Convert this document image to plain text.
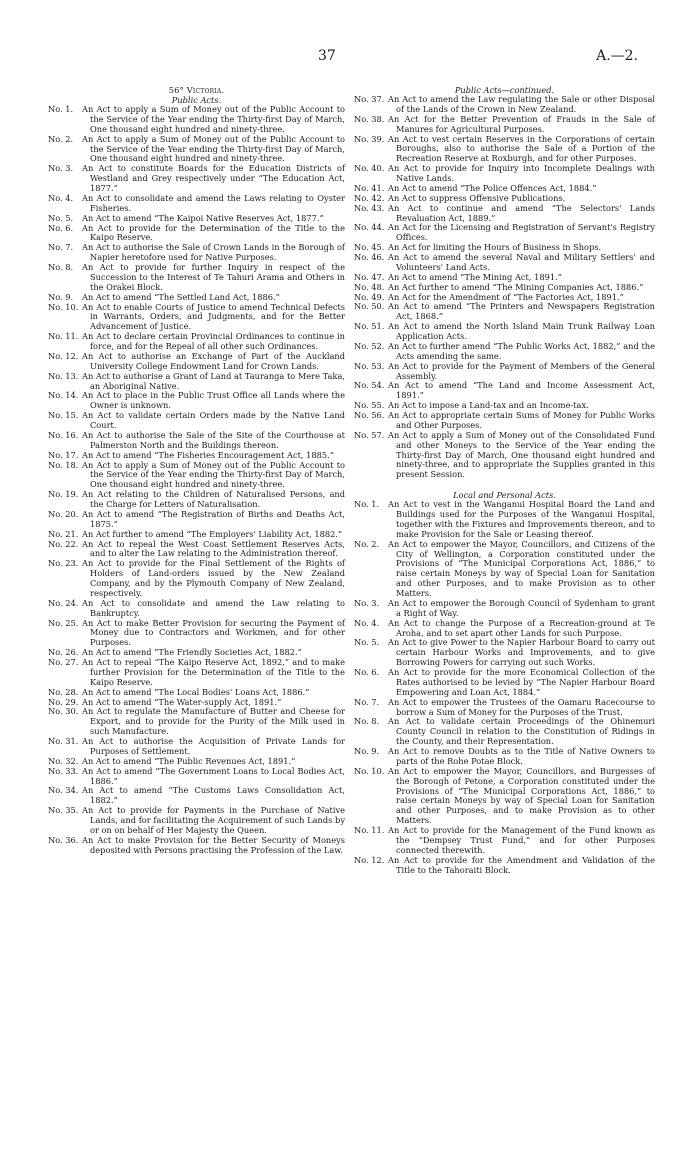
37	A.—2.
56° Victoria.
Public Acts.
No. 1.	An Act to apply a Sum of Money out of the Public Account to the Service of the Year ending the Thirty-first Day of March, One thousand eight hundred and ninety-three.
No. 2.	An Act to apply a Sum of Money out of the Public Account to the Service of the Year ending the Thirty-first Day of March, One thousand eight hundred and ninety-three.
No. 3.	An Act to constitute Boards for the Education Districts of Westland and Grey respectively under “The Education Act, 1877.”
No. 4.	An Act to consolidate and amend the Laws relating to Oyster Fisheries.
No. 5.	An Act to amend “The Kaipoi Native Reserves Act, 1877.”
No. 6.	An Act to provide for the Determination of the Title to the Kaipo Reserve.
No. 7.	An Act to authorise the Sale of Crown Lands in the Borough of Napier heretofore used for Native Purposes.
No. 8.	An Act to provide for further Inquiry in respect of the Succession to the Interest of Te Tahuri Arama and Others in the Orakei Block.
No. 9.	An Act to amend “The Settled Land Act, 1886.”
No. 10. An Act to enable Courts of Justice to amend Technical Defects in Warrants, Orders, and Judgments, and for the Better Advancement of Justice.
No. 11. An Act to declare certain Provincial Ordinances to continue in force, and for the Repeal of all other such Ordinances.
No. 12. An Act to authorise an Exchange of Part of the Auckland University College Endowment Land for Crown Lands.
No. 13. An Act to authorise a Grant of Land at Tauranga to Mere Taka, an Aboriginal Native.
No. 14. An Act to place in the Public Trust Office all Lands where the Owner is unknown.
No. 15. An Act to validate certain Orders made by the Native Land Court.
No. 16. An Act to authorise the Sale of the Site of the Courthouse at Palmerston North and the Buildings thereon.
No. 17. An Act to amend “The Fisheries Encouragement Act, 1885.”
No. 18. An Act to apply a Sum of Money out of the Public Account to the Service of the Year ending the Thirty-first Day of March, One thousand eight hundred and ninety-three.
No. 19. An Act relating to the Children of Naturalised Persons, and the Charge for Letters of Naturalisation.
No. 20. An Act to amend “The Registration of Births and Deaths Act, 1875.”
No. 21. An Act further to amend “The Employers' Liability Act, 1882.”
No. 22. An Act to repeal the West Coast Settlement Reserves Acts, and to alter the Law relating to the Administration thereof.
No. 23. An Act to provide for the Final Settlement of the Rights of Holders of Land-orders issued by the New Zealand Company, and by the Plymouth Company of New Zealand, respectively.
No. 24. An Act to consolidate and amend the Law relating to Bankruptcy.
No. 25. An Act to make Better Provision for securing the Payment of Money due to Contractors and Workmen, and for other Purposes.
No. 26. An Act to amend “The Friendly Societies Act, 1882.”
No. 27. An Act to repeal “The Kaipo Reserve Act, 1892,” and to make further Provision for the Determination of the Title to the Kaipo Reserve.
No. 28. An Act to amend “The Local Bodies' Loans Act, 1886.”
No. 29. An Act to amend “The Water-supply Act, 1891.”
No. 30. An Act to regulate the Manufacture of Butter and Cheese for Export, and to provide for the Purity of the Milk used in such Manufacture.
No. 31. An Act to authorise the Acquisition of Private Lands for Purposes of Settlement.
No. 32. An Act to amend “The Public Revenues Act, 1891.”
No. 33. An Act to amend “The Government Loans to Local Bodies Act, 1886.”
No. 34. An Act to amend “The Customs Laws Consolidation Act, 1882.”
No. 35. An Act to provide for Payments in the Purchase of Native Lands, and for facilitating the Acquirement of such Lands by or on on behalf of Her Majesty the Queen.
No. 36. An Act to make Provision for the Better Security of Moneys deposited with Persons practising the Profession of the Law.
Public Acts—continued.
No. 37. An Act to amend the Law regulating the Sale or other Disposal of the Lands of the Crown in New Zealand.
No. 38. An Act for the Better Prevention of Frauds in the Sale of Manures for Agricultural Purposes.
No. 39. An Act to vest certain Reserves in the Corporations of certain Boroughs, also to authorise the Sale of a Portion of the Recreation Reserve at Roxburgh, and for other Purposes.
No. 40. An Act to provide for Inquiry into Incomplete Dealings with Native Lands.
No. 41. An Act to amend “The Police Offences Act, 1884.”
No. 42. An Act to suppress Offensive Publications.
No. 43. An Act to continue and amend “The Selectors' Lands Revaluation Act, 1889.”
No. 44. An Act for the Licensing and Registration of Servant's Registry Offices.
No. 45. An Act for limiting the Hours of Business in Shops.
No. 46. An Act to amend the several Naval and Military Settlers' and Volunteers' Land Acts.
No. 47. An Act to amend “The Mining Act, 1891.”
No. 48. An Act further to amend “The Mining Companies Act, 1886.”
No. 49. An Act for the Amendment of “The Factories Act, 1891.”
No. 50. An Act to amend “The Printers and Newspapers Registration Act, 1868.”
No. 51. An Act to amend the North Island Main Trunk Railway Loan Application Acts.
No. 52. An Act to further amend “The Public Works Act, 1882,” and the Acts amending the same.
No. 53. An Act to provide for the Payment of Members of the General Assembly.
No. 54. An Act to amend “The Land and Income Assessment Act, 1891.”
No. 55. An Act to impose a Land-tax and an Income-tax.
No. 56. An Act to appropriate certain Sums of Money for Public Works and Other Purposes.
No. 57. An Act to apply a Sum of Money out of the Consolidated Fund and other Moneys to the Service of the Year ending the Thirty-first Day of March, One thousand eight hundred and ninety-three, and to appropriate the Supplies granted in this present Session.
Local and Personal Acts.
No. 1.	An Act to vest in the Wanganui Hospital Board the Land and Buildings used for the Purposes of the Wanganui Hospital, together with the Fixtures and Improvements thereon, and to make Provision for the Sale or Leasing thereof.
No. 2.	An Act to empower the Mayor, Councillors, and Citizens of the City of Wellington, a Corporation constituted under the Provisions of “The Municipal Corporations Act, 1886,” to raise certain Moneys by way of Special Loan for Sanitation and other Purposes, and to make Provision as to other Matters.
No. 3.	An Act to empower the Borough Council of Sydenham to grant a Right of Way.
No. 4.	An Act to change the Purpose of a Recreation-ground at Te Aroha, and to set apart other Lands for such Purpose.
No. 5.	An Act to give Power to the Napier Harbour Board to carry out certain Harbour Works and Improvements, and to give Borrowing Powers for carrying out such Works.
No. 6.	An Act to provide for the more Economical Collection of the Rates authorised to be levied by “The Napier Harbour Board Empowering and Loan Act, 1884.”
No. 7.	An Act to empower the Trustees of the Oamaru Racecourse to borrow a Sum of Money for the Purposes of the Trust.
No. 8.	An Act to validate certain Proceedings of the Ohinemuri County Council in relation to the Constitution of Ridings in the County, and their Representation.
No. 9.	An Act to remove Doubts as to the Title of Native Owners to parts of the Rohe Potae Block.
No. 10. An Act to empower the Mayor, Councillors, and Burgesses of the Borough of Petone, a Corporation constituted under the Provisions of “The Municipal Corporations Act, 1886,” to raise certain Moneys by way of Special Loan for Sanitation and other Purposes, and to make Provision as to other Matters.
No. 11. An Act to provide for the Management of the Fund known as the “Dempsey Trust Fund,” and for other Purposes connected therewith.
No. 12. An Act to provide for the Amendment and Validation of the Title to the Tahoraiti Block.
